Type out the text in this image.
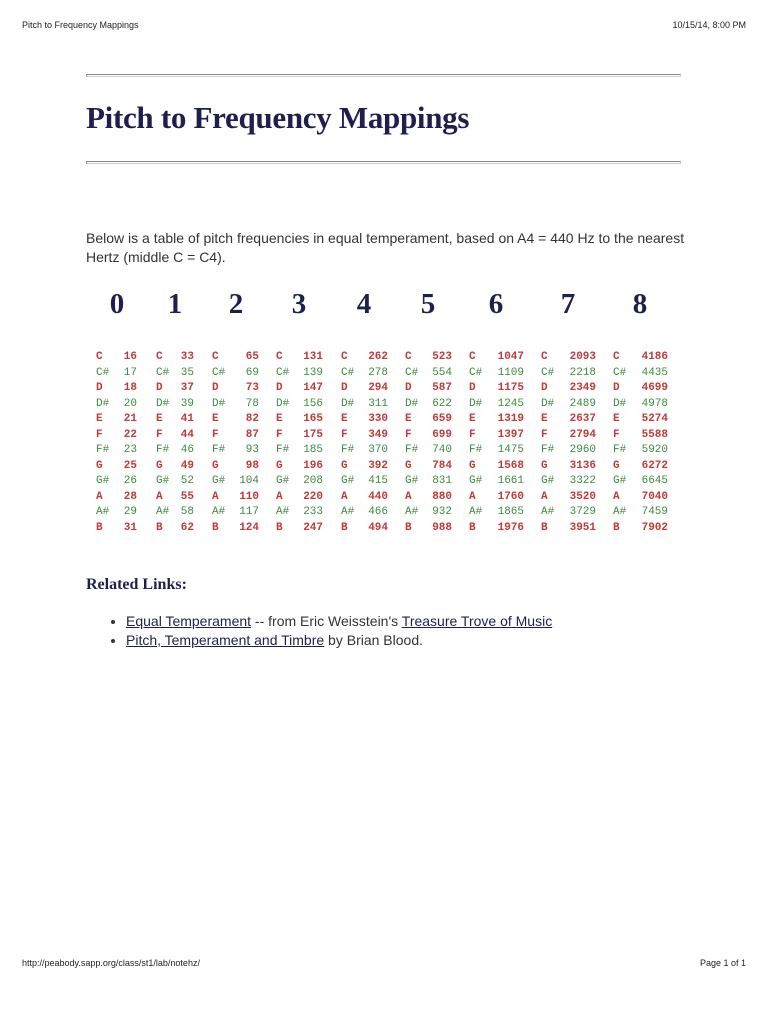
Pitch to Frequency Mappings	10/15/14, 8:00 PM
Pitch to Frequency Mappings

Below is a table of pitch frequencies in equal temperament, based on A4 = 440 Hz to the nearest Hertz (middle C = C4).

0 1 2 3 4 5 6 7 8
C	16 C	33 C	65 C	131 C	262 C	523 C	1047 C	2093 C	4186
C#	17 C#	35 C#	69 C#	139 C#	278 C#	554 C#	1109 C#	2218 C#	4435
D	18 D	37 D	73 D	147 D	294 D	587 D	1175 D	2349 D	4699
D#	20 D#	39 D#	78 D#	156 D#	311 D#	622 D#	1245 D#	2489 D#	4978
E	21 E	41 E	82 E	165 E	330 E	659 E	1319 E	2637 E	5274
F	22 F	44 F	87 F	175 F	349 F	699 F	1397 F	2794 F	5588
F#	23 F#	46 F#	93 F#	185 F#	370 F#	740 F#	1475 F#	2960 F#	5920
G	25 G	49 G	98 G	196 G	392 G	784 G	1568 G	3136 G	6272
G#	26 G#	52 G#	104 G#	208 G#	415 G#	831 G#	1661 G#	3322 G#	6645
A	28 A	55 A	110 A	220 A	440 A	880 A	1760 A	3520 A	7040
A#	29 A#	58 A#	117 A#	233 A#	466 A#	932 A#	1865 A#	3729 A#	7459
B	31 B	62 B	124 B	247 B	494 B	988 B	1976 B	3951 B	7902
Related Links:
• Equal Temperament -- from Eric Weisstein's Treasure Trove of Music
• Pitch, Temperament and Timbre by Brian Blood.
http://peabody.sapp.org/class/st1/lab/notehz/	Page 1 of 1
